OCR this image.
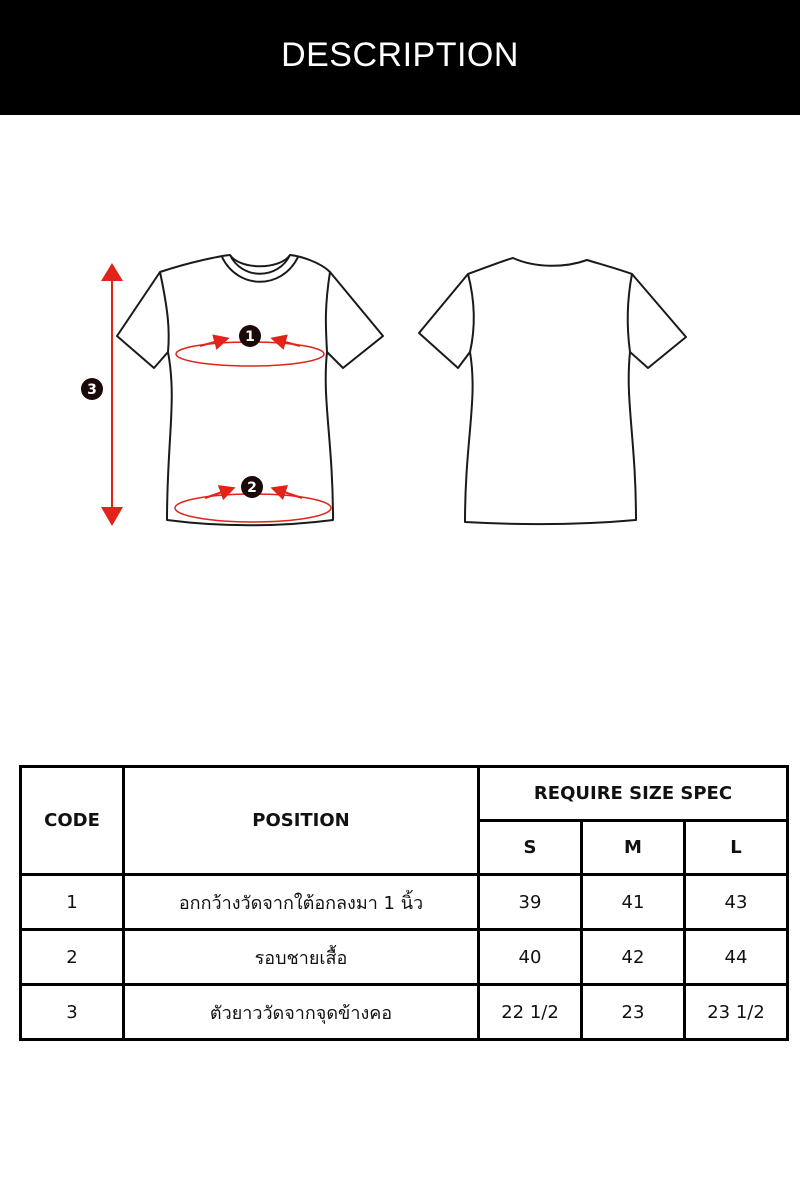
DESCRIPTION
1
2
3
CODE	POSITION	REQUIRE SIZE SPEC		
		S	M	L
1	อกกว้างวัดจากใต้อกลงมา 1 นิ้ว	39	41	43
2	รอบชายเสื้อ	40	42	44
3	ตัวยาววัดจากจุดข้างคอ	22 1/2	23	23 1/2
